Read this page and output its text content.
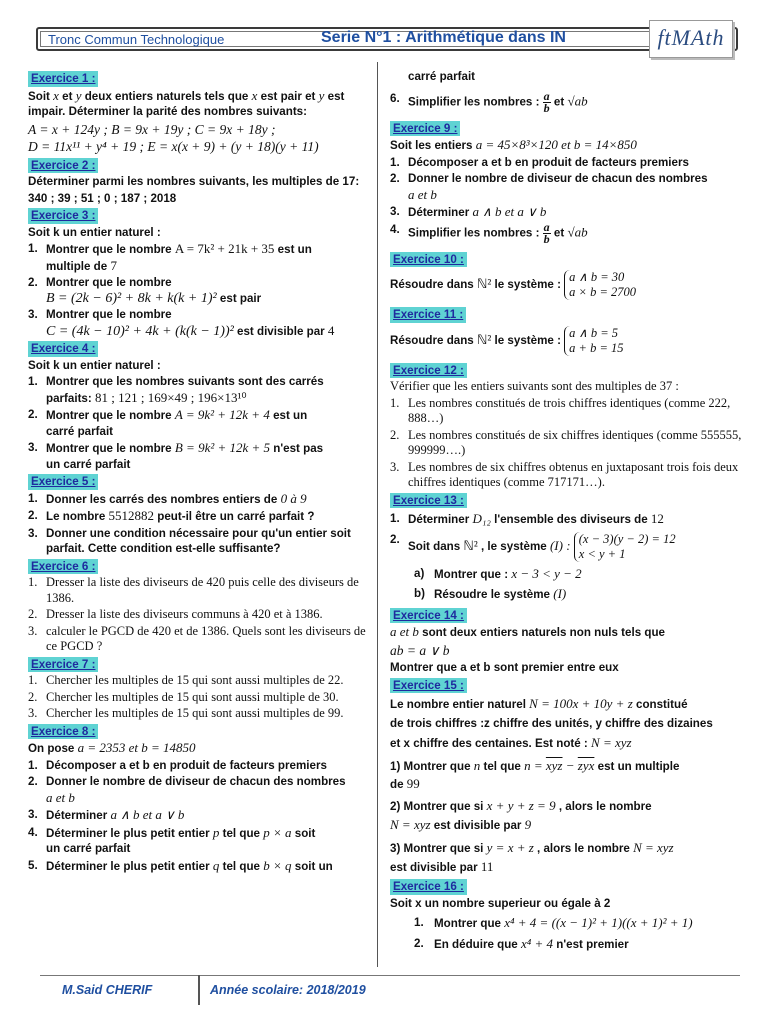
Tronc Commun Technologique	Serie N°1 : Arithmétique dans IN	ftMAth
Exercice 1 :
Soit x et y deux entiers naturels tels que x est pair et y est impair. Déterminer la parité des nombres suivants:
A = x + 124y ; B = 9x + 19y ; C = 9x + 18y ;
D = 11x¹¹ + y⁴ + 19 ; E = x(x + 9) + (y + 18)(y + 11)
Exercice 2 :
Déterminer parmi les nombres suivants, les multiples de 17:
340 ; 39 ; 51 ; 0 ; 187 ; 2018
Exercice 3 :
Soit k un entier naturel :
1. Montrer que le nombre A = 7k² + 21k + 35 est un
multiple de 7
2. Montrer que le nombre
B = (2k − 6)² + 8k + k(k + 1)² est pair
3. Montrer que le nombre
C = (4k − 10)² + 4k + (k(k − 1))² est divisible par 4
Exercice 4 :
Soit k un entier naturel :
1. Montrer que les nombres suivants sont des carrés
parfaits: 81 ; 121 ; 169×49 ; 196×13¹⁰
2. Montrer que le nombre A = 9k² + 12k + 4 est un
carré parfait
3. Montrer que le nombre B = 9k² + 12k + 5 n'est pas
un carré parfait
Exercice 5 :
1. Donner les carrés des nombres entiers de 0 à 9
2. Le nombre 5512882 peut-il être un carré parfait ?
3. Donner une condition nécessaire pour qu'un entier soit parfait. Cette condition est-elle suffisante?
Exercice 6 :
1. Dresser la liste des diviseurs de 420 puis celle des diviseurs de 1386.
2. Dresser la liste des diviseurs communs à 420 et à 1386.
3. calculer le PGCD de 420 et de 1386. Quels sont les diviseurs de ce PGCD ?
Exercice 7 :
1. Chercher les multiples de 15 qui sont aussi multiples de 22.
2. Chercher les multiples de 15 qui sont aussi multiple de 30.
3. Chercher les multiples de 15 qui sont aussi multiples de 99.
Exercice 8 :
On pose a = 2353 et b = 14850
1. Décomposer a et b en produit de facteurs premiers
2. Donner le nombre de diviseur de chacun des nombres
a et b
3. Déterminer a ∧ b et a ∨ b
4. Déterminer le plus petit entier p tel que p × a soit
un carré parfait
5. Déterminer le plus petit entier q tel que b × q soit un
carré parfait
6. Simplifier les nombres : $\frac{a}{b}$ et √ab
Exercice 9 :
Soit les entiers a = 45×8³×120 et b = 14×850
1. Décomposer a et b en produit de facteurs premiers
2. Donner le nombre de diviseur de chacun des nombres
a et b
3. Déterminer a ∧ b et a ∨ b
4. Simplifier les nombres : $\frac{a}{b}$ et √ab
Exercice 10 :
Résoudre dans ℕ² le système : a ∧ b = 30
a × b = 2700
Exercice 11 :
Résoudre dans ℕ² le système : a ∧ b = 5
a + b = 15
Exercice 12 :
Vérifier que les entiers suivants sont des multiples de 37 :
1. Les nombres constitués de trois chiffres identiques (comme 222, 888…)
2. Les nombres constitués de six chiffres identiques (comme 555555, 999999….)
3. Les nombres de six chiffres obtenus en juxtaposant trois fois deux chiffres identiques (comme 717171…).
Exercice 13 :
1. Déterminer D₁₂ l'ensemble des diviseurs de 12
2.
Soit dans ℕ² , le système (I) : (x − 3)(y − 2) = 12
x < y + 1
a) Montrer que : x − 3 < y − 2
b) Résoudre le système (I)
Exercice 14 :
a et b sont deux entiers naturels non nuls tels que
ab = a ∨ b
Montrer que a et b sont premier entre eux
Exercice 15 :
Le nombre entier naturel N = 100x + 10y + z constitué
de trois chiffres :z chiffre des unités, y chiffre des dizaines
et x chiffre des centaines. Est noté : N = xyz
1) Montrer que n tel que $n = \overline{xyz} - \overline{zyx}$ est un multiple
de 99
2) Montrer que si x + y + z = 9 , alors le nombre
N = xyz est divisible par 9
3) Montrer que si y = x + z , alors le nombre N = xyz
est divisible par 11
Exercice 16 :
Soit x un nombre superieur ou égale à 2
1. Montrer que x⁴ + 4 = ((x − 1)² + 1)((x + 1)² + 1)
2. En déduire que x⁴ + 4 n'est premier
M.Said CHERIF	Année scolaire: 2018/2019
